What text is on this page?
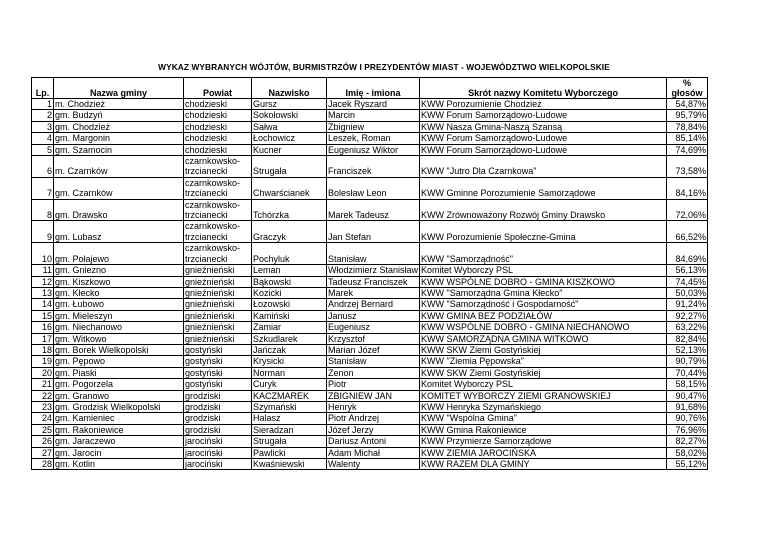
WYKAZ WYBRANYCH WÓJTÓW, BURMISTRZÓW I PREZYDENTÓW MIAST - WOJEWÓDZTWO WIELKOPOLSKIE
Lp.	Nazwa gminy	Powiat	Nazwisko	Imię - imiona	Skrót nazwy Komitetu Wyborczego	%
głosów
1	m. Chodzież	chodzieski	Gursz	Jacek Ryszard	KWW Porozumienie Chodzież	54,87%
2	gm. Budzyń	chodzieski	Sokołowski	Marcin	KWW Forum Samorządowo-Ludowe	95,79%
3	gm. Chodzież	chodzieski	Sałwa	Zbigniew	KWW Nasza Gmina-Naszą Szansą	78,84%
4	gm. Margonin	chodzieski	Łochowicz	Leszek, Roman	KWW Forum Samorządowo-Ludowe	85,14%
5	gm. Szamocin	chodzieski	Kucner	Eugeniusz Wiktor	KWW Forum Samorządowo-Ludowe	74,69%
6	m. Czarnków	czarnkowsko-trzcianecki	Strugała	Franciszek	KWW "Jutro Dla Czarnkowa"	73,58%
7	gm. Czarnków	czarnkowsko-trzcianecki	Chwarścianek	Bolesław Leon	KWW Gminne Porozumienie Samorządowe	84,16%
8	gm. Drawsko	czarnkowsko-trzcianecki	Tchórzka	Marek Tadeusz	KWW Zrównoważony Rozwój Gminy Drawsko	72,06%
9	gm. Lubasz	czarnkowsko-trzcianecki	Graczyk	Jan Stefan	KWW Porozumienie Społeczne-Gmina	66,52%
10	gm. Połajewo	czarnkowsko-trzcianecki	Pochyluk	Stanisław	KWW "Samorządność"	84,69%
11	gm. Gniezno	gnieźnieński	Leman	Włodzimierz Stanisław	Komitet Wyborczy PSL	56,13%
12	gm. Kiszkowo	gnieźnieński	Bąkowski	Tadeusz Franciszek	KWW WSPÓLNE DOBRO - GMINA KISZKOWO	74,45%
13	gm. Kłecko	gnieźnieński	Kozicki	Marek	KWW "Samorządna Gmina Kłecko"	50,03%
14	gm. Łubowo	gnieźnieński	Łozowski	Andrzej Bernard	KWW "Samorządność i Gospodarność"	91,24%
15	gm. Mieleszyn	gnieźnieński	Kamiński	Janusz	KWW GMINA BEZ PODZIAŁÓW	92,27%
16	gm. Niechanowo	gnieźnieński	Zamiar	Eugeniusz	KWW WSPÓLNE DOBRO - GMINA NIECHANOWO	63,22%
17	gm. Witkowo	gnieźnieński	Szkudlarek	Krzysztof	KWW SAMORZĄDNA GMINA WITKOWO	82,84%
18	gm. Borek Wielkopolski	gostyński	Jańczak	Marian Józef	KWW SKW Ziemi Gostyńskiej	52,13%
19	gm. Pępowo	gostyński	Krysicki	Stanisław	KWW "Ziemia Pępowska"	90,79%
20	gm. Piaski	gostyński	Norman	Zenon	KWW SKW Ziemi Gostyńskiej	70,44%
21	gm. Pogorzela	gostyński	Curyk	Piotr	Komitet Wyborczy PSL	58,15%
22	gm. Granowo	grodziski	KACZMAREK	ZBIGNIEW JAN	KOMITET WYBORCZY ZIEMI GRANOWSKIEJ	90,47%
23	gm. Grodzisk Wielkopolski	grodziski	Szymański	Henryk	KWW Henryka Szymańskiego	91,68%
24	gm. Kamieniec	grodziski	Halasz	Piotr Andrzej	KWW "Wspólna Gmina"	90,76%
25	gm. Rakoniewice	grodziski	Sieradzan	Józef Jerzy	KWW Gmina Rakoniewice	76,96%
26	gm. Jaraczewo	jarociński	Strugała	Dariusz Antoni	KWW Przymierze Samorządowe	82,27%
27	gm. Jarocin	jarociński	Pawlicki	Adam Michał	KWW ZIEMIA JAROCIŃSKA	58,02%
28	gm. Kotlin	jarociński	Kwaśniewski	Walenty	KWW RAZEM DLA GMINY	55,12%
